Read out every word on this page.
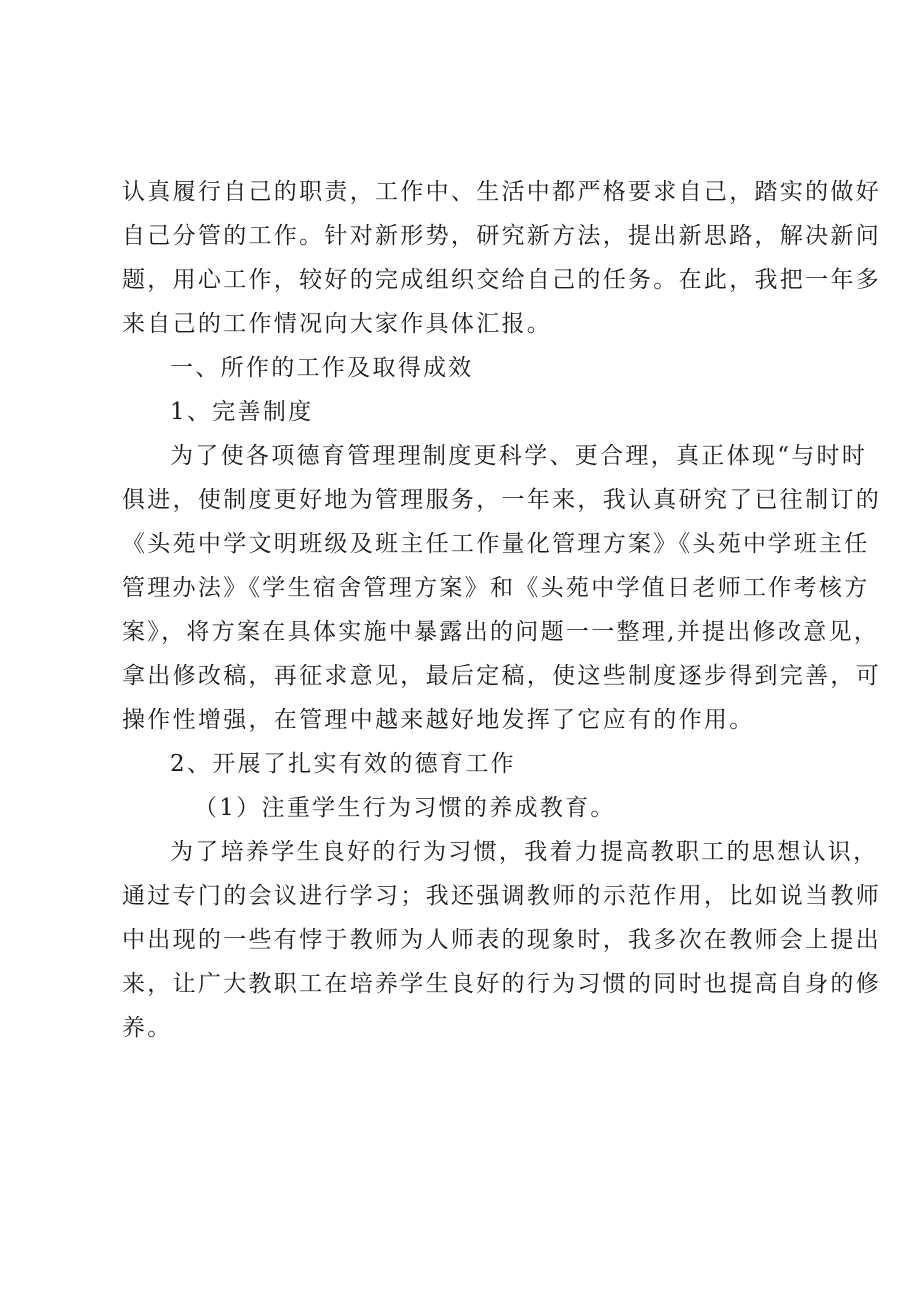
认真履行自己的职责，工作中、生活中都严格要求自己，踏实的做好
自己分管的工作。针对新形势，研究新方法，提出新思路，解决新问
题，用心工作，较好的完成组织交给自己的任务。在此，我把一年多
来自己的工作情况向大家作具体汇报。
一、所作的工作及取得成效
1、完善制度
为了使各项德育管理理制度更科学、更合理，真正体现“与时时
俱进，使制度更好地为管理服务，一年来，我认真研究了已往制订的
《头苑中学文明班级及班主任工作量化管理方案》《头苑中学班主任
管理办法》《学生宿舍管理方案》和《头苑中学值日老师工作考核方
案》，将方案在具体实施中暴露出的问题一一整理,并提出修改意见，
拿出修改稿，再征求意见，最后定稿，使这些制度逐步得到完善，可
操作性增强，在管理中越来越好地发挥了它应有的作用。
2、开展了扎实有效的德育工作
（1）注重学生行为习惯的养成教育。
为了培养学生良好的行为习惯，我着力提高教职工的思想认识，
通过专门的会议进行学习；我还强调教师的示范作用，比如说当教师
中出现的一些有悖于教师为人师表的现象时，我多次在教师会上提出
来，让广大教职工在培养学生良好的行为习惯的同时也提高自身的修
养。
